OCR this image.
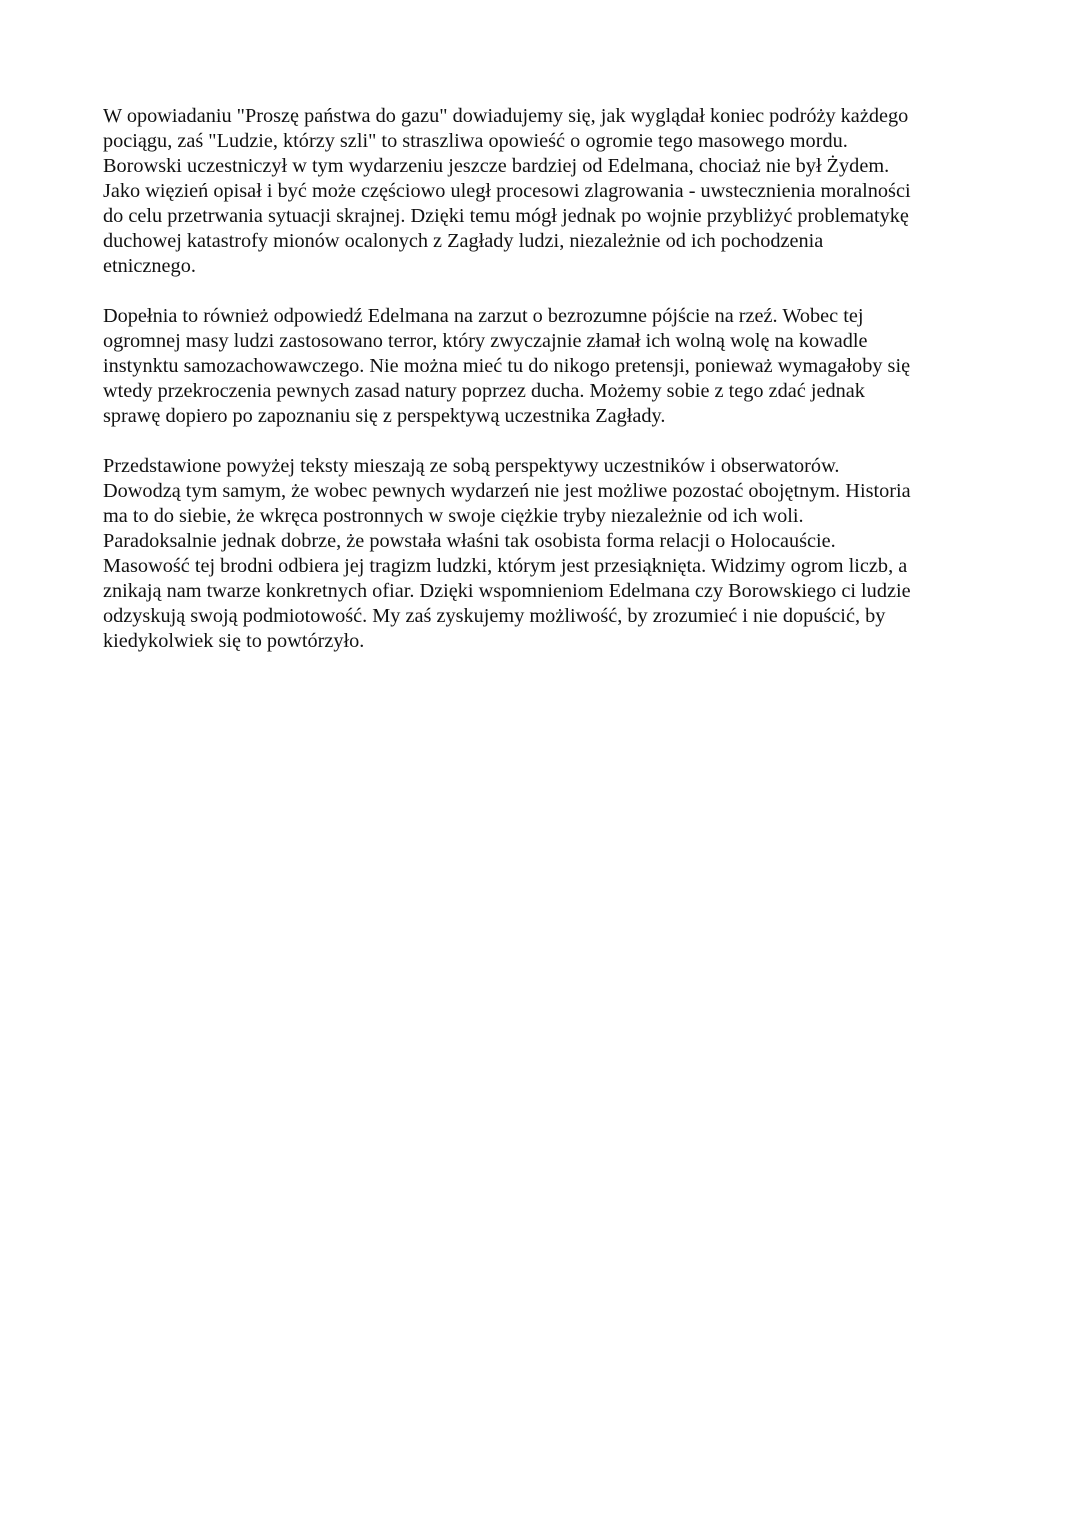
W opowiadaniu "Proszę państwa do gazu" dowiadujemy się, jak wyglądał koniec podróży każdego
pociągu, zaś "Ludzie, którzy szli" to straszliwa opowieść o ogromie tego masowego mordu.
Borowski uczestniczył w tym wydarzeniu jeszcze bardziej od Edelmana, chociaż nie był Żydem.
Jako więzień opisał i być może częściowo uległ procesowi zlagrowania - uwstecznienia moralności
do celu przetrwania sytuacji skrajnej. Dzięki temu mógł jednak po wojnie przybliżyć problematykę
duchowej katastrofy mionów ocalonych z Zagłady ludzi, niezależnie od ich pochodzenia
etnicznego.

Dopełnia to również odpowiedź Edelmana na zarzut o bezrozumne pójście na rzeź. Wobec tej
ogromnej masy ludzi zastosowano terror, który zwyczajnie złamał ich wolną wolę na kowadle
instynktu samozachowawczego. Nie można mieć tu do nikogo pretensji, ponieważ wymagałoby się
wtedy przekroczenia pewnych zasad natury poprzez ducha. Możemy sobie z tego zdać jednak
sprawę dopiero po zapoznaniu się z perspektywą uczestnika Zagłady.

Przedstawione powyżej teksty mieszają ze sobą perspektywy uczestników i obserwatorów.
Dowodzą tym samym, że wobec pewnych wydarzeń nie jest możliwe pozostać obojętnym. Historia
ma to do siebie, że wkręca postronnych w swoje ciężkie tryby niezależnie od ich woli.
Paradoksalnie jednak dobrze, że powstała właśni tak osobista forma relacji o Holocauście.
Masowość tej brodni odbiera jej tragizm ludzki, którym jest przesiąknięta. Widzimy ogrom liczb, a
znikają nam twarze konkretnych ofiar. Dzięki wspomnieniom Edelmana czy Borowskiego ci ludzie
odzyskują swoją podmiotowość. My zaś zyskujemy możliwość, by zrozumieć i nie dopuścić, by
kiedykolwiek się to powtórzyło.
